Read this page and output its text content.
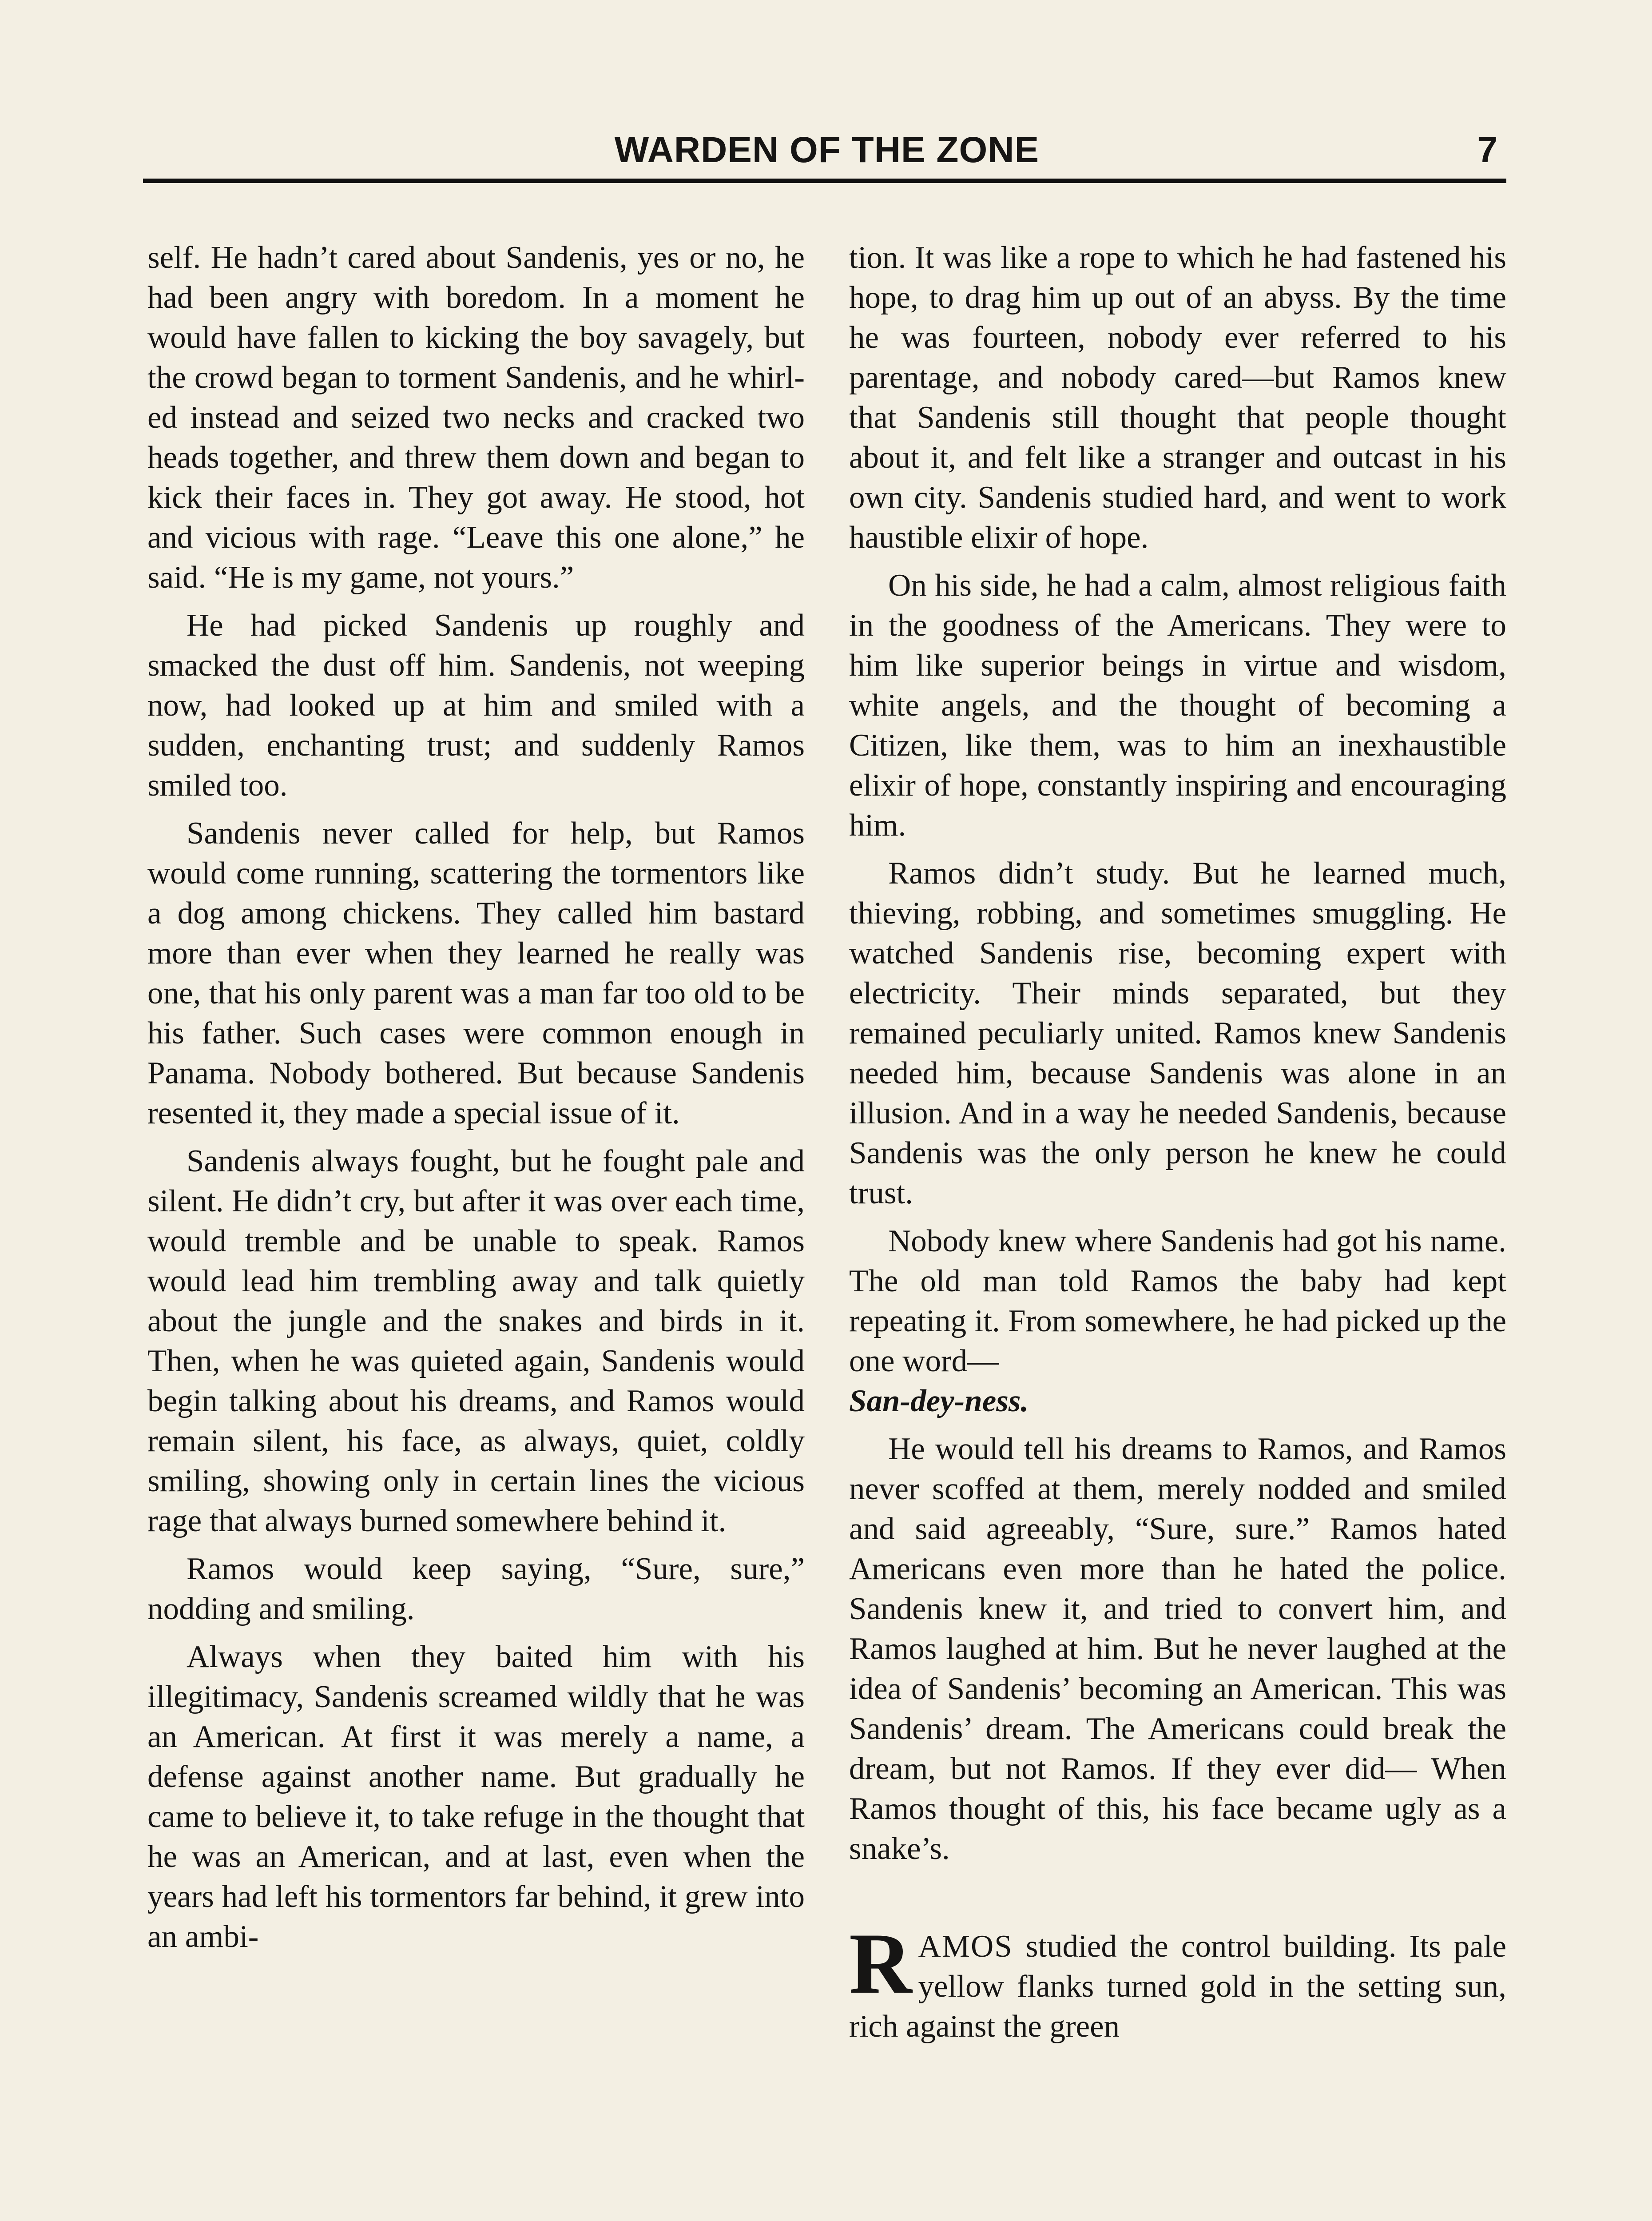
WARDEN OF THE ZONE	7

self. He hadn’t cared about Sandenis, yes or no, he had been angry with boredom. In a moment he would have fallen to kicking the boy savagely, but the crowd began to torment Sandenis, and he whirled instead and seized two necks and cracked two heads together, and threw them down and began to kick their faces in. They got away. He stood, hot and vicious with rage. “Leave this one alone,” he said. “He is my game, not yours.”

He had picked Sandenis up roughly and smacked the dust off him. Sandenis, not weeping now, had looked up at him and smiled with a sudden, enchanting trust; and suddenly Ramos smiled too.

Sandenis never called for help, but Ramos would come running, scattering the tormentors like a dog among chickens. They called him bastard more than ever when they learned he really was one, that his only parent was a man far too old to be his father. Such cases were common enough in Panama. Nobody bothered. But because Sandenis resented it, they made a special issue of it.

Sandenis always fought, but he fought pale and silent. He didn’t cry, but after it was over each time, would tremble and be unable to speak. Ramos would lead him trembling away and talk quietly about the jungle and the snakes and birds in it. Then, when he was quieted again, Sandenis would begin talking about his dreams, and Ramos would remain silent, his face, as always, quiet, coldly smiling, showing only in certain lines the vicious rage that always burned somewhere behind it.

Ramos would keep saying, “Sure, sure,” nodding and smiling.

Always when they baited him with his illegitimacy, Sandenis screamed wildly that he was an American. At first it was merely a name, a defense against another name. But gradually he came to believe it, to take refuge in the thought that he was an American, and at last, even when the years had left his tormentors far behind, it grew into an ambi-

tion. It was like a rope to which he had fastened his hope, to drag him up out of an abyss. By the time he was fourteen, nobody ever referred to his parentage, and nobody cared—but Ramos knew that Sandenis still thought that people thought about it, and felt like a stranger and outcast in his own city. Sandenis studied hard, and went to work haustible elixir of hope.

On his side, he had a calm, almost religious faith in the goodness of the Americans. They were to him like superior beings in virtue and wisdom, white angels, and the thought of becoming a Citizen, like them, was to him an inexhaustible elixir of hope, constantly inspiring and encouraging him.

Ramos didn’t study. But he learned much, thieving, robbing, and sometimes smuggling. He watched Sandenis rise, becoming expert with electricity. Their minds separated, but they remained peculiarly united. Ramos knew Sandenis needed him, because Sandenis was alone in an illusion. And in a way he needed Sandenis, because Sandenis was the only person he knew he could trust.

Nobody knew where Sandenis had got his name. The old man told Ramos the baby had kept repeating it. From somewhere, he had picked up the one word—
San-dey-ness.

He would tell his dreams to Ramos, and Ramos never scoffed at them, merely nodded and smiled and said agreeably, “Sure, sure.” Ramos hated Americans even more than he hated the police. Sandenis knew it, and tried to convert him, and Ramos laughed at him. But he never laughed at the idea of Sandenis’ becoming an American. This was Sandenis’ dream. The Americans could break the dream, but not Ramos. If they ever did— When Ramos thought of this, his face became ugly as a snake’s.

RAMOS studied the control building. Its pale yellow flanks turned gold in the setting sun, rich against the green
